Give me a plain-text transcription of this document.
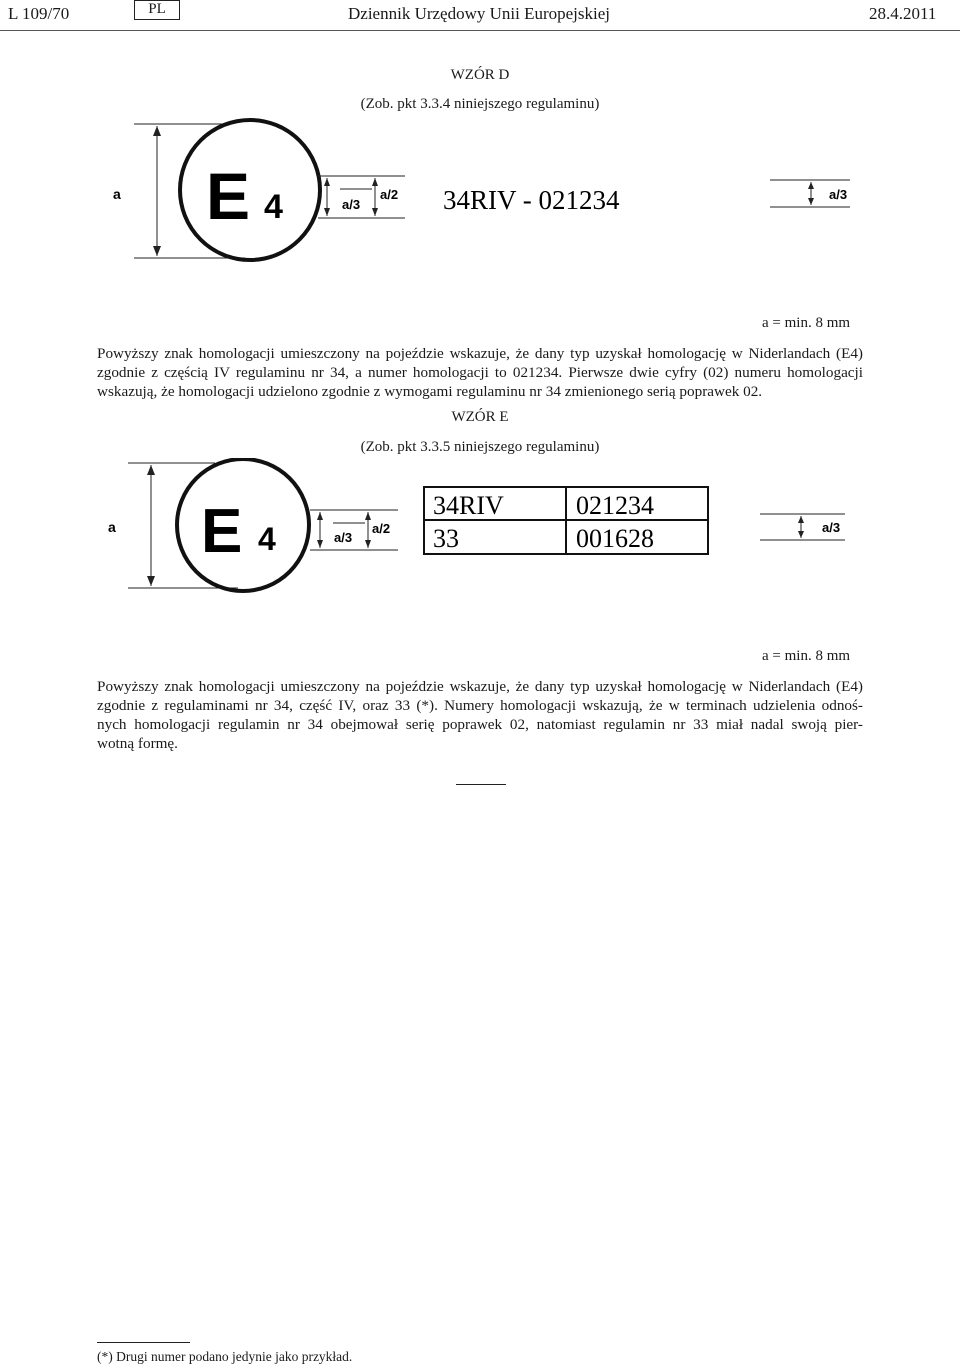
L 109/70	PL	Dziennik Urzędowy Unii Europejskiej	28.4.2011
WZÓR D
(Zob. pkt 3.3.4 niniejszego regulaminu)
a E 4	a/3
a/2 34RIV - 021234	a/3
a = min. 8 mm
Powyższy znak homologacji umieszczony na pojeździe wskazuje, że dany typ uzyskał homologację w Niderlandach (E4) zgodnie z częścią IV regulaminu nr 34, a numer homologacji to 021234. Pierwsze dwie cyfry (02) numeru homologacji wskazują, że homologacji udzielono zgodnie z wymogami regulaminu nr 34 zmienionego serią poprawek 02.
WZÓR E
(Zob. pkt 3.3.5 niniejszego regulaminu)
a E 4	a/3
a/2
34RIV	021234
33	001628	a/3
a = min. 8 mm
Powyższy znak homologacji umieszczony na pojeździe wskazuje, że dany typ uzyskał homologację w Niderlandach (E4)
zgodnie z regulaminami nr 34, część IV, oraz 33 (*). Numery homologacji wskazują, że w terminach udzielenia odnoś-
nych homologacji regulamin nr 34 obejmował serię poprawek 02, natomiast regulamin nr 33 miał nadal swoją pier-
wotną formę.
(*) Drugi numer podano jedynie jako przykład.
